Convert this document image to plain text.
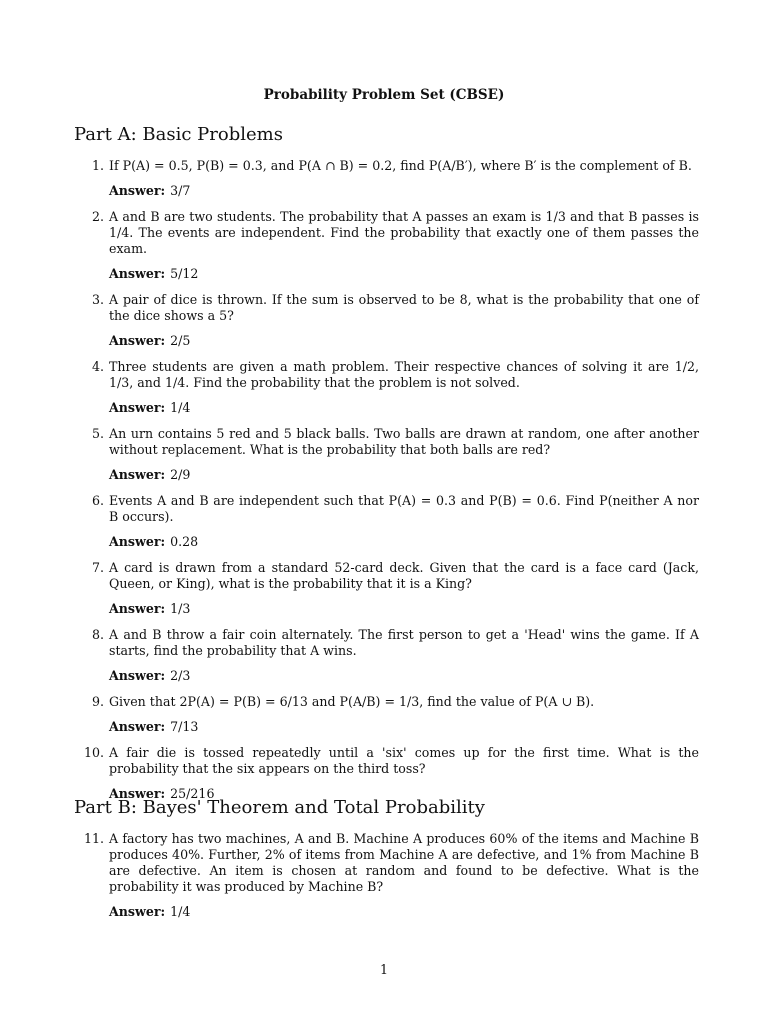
Probability Problem Set (CBSE)
Part A: Basic Problems
1. If P(A) = 0.5, P(B) = 0.3, and P(A ∩ B) = 0.2, find P(A/B′), where B′ is the complement of B.
Answer: 3/7
2. A and B are two students. The probability that A passes an exam is 1/3 and that B passes is 1/4. The events are independent. Find the probability that exactly one of them passes the exam.
Answer: 5/12
3. A pair of dice is thrown. If the sum is observed to be 8, what is the probability that one of the dice shows a 5?
Answer: 2/5
4. Three students are given a math problem. Their respective chances of solving it are 1/2, 1/3, and 1/4. Find the probability that the problem is not solved.
Answer: 1/4
5. An urn contains 5 red and 5 black balls. Two balls are drawn at random, one after another without replacement. What is the probability that both balls are red?
Answer: 2/9
6. Events A and B are independent such that P(A) = 0.3 and P(B) = 0.6. Find P(neither A nor B occurs).
Answer: 0.28
7. A card is drawn from a standard 52-card deck. Given that the card is a face card (Jack, Queen, or King), what is the probability that it is a King?
Answer: 1/3
8. A and B throw a fair coin alternately. The first person to get a 'Head' wins the game. If A starts, find the probability that A wins.
Answer: 2/3
9. Given that 2P(A) = P(B) = 6/13 and P(A/B) = 1/3, find the value of P(A ∪ B).
Answer: 7/13
10. A fair die is tossed repeatedly until a 'six' comes up for the first time. What is the probability that the six appears on the third toss?
Answer: 25/216
Part B: Bayes' Theorem and Total Probability
11. A factory has two machines, A and B. Machine A produces 60% of the items and Machine B produces 40%. Further, 2% of items from Machine A are defective, and 1% from Machine B are defective. An item is chosen at random and found to be defective. What is the probability it was produced by Machine B?
Answer: 1/4
1
